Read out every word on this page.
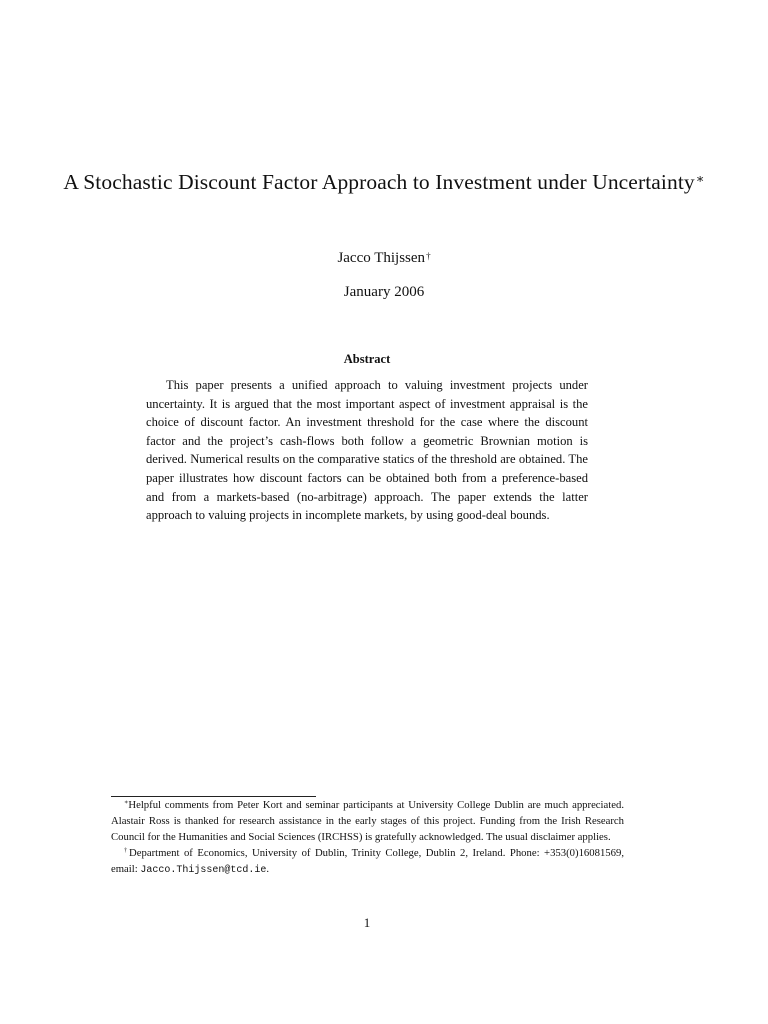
A Stochastic Discount Factor Approach to Investment under Uncertainty∗
Jacco Thijssen†
January 2006
Abstract
This paper presents a unified approach to valuing investment projects under uncertainty. It is argued that the most important aspect of investment appraisal is the choice of discount factor. An investment threshold for the case where the discount factor and the project’s cash-flows both follow a geometric Brownian motion is derived. Numerical results on the comparative statics of the threshold are obtained. The paper illustrates how discount factors can be obtained both from a preference-based and from a markets-based (no-arbitrage) approach. The paper extends the latter approach to valuing projects in incomplete markets, by using good-deal bounds.

∗Helpful comments from Peter Kort and seminar participants at University College Dublin are much appreciated. Alastair Ross is thanked for research assistance in the early stages of this project. Funding from the Irish Research Council for the Humanities and Social Sciences (IRCHSS) is gratefully acknowledged. The usual disclaimer applies.

†Department of Economics, University of Dublin, Trinity College, Dublin 2, Ireland. Phone: +353(0)16081569, email: Jacco.Thijssen@tcd.ie.

1
